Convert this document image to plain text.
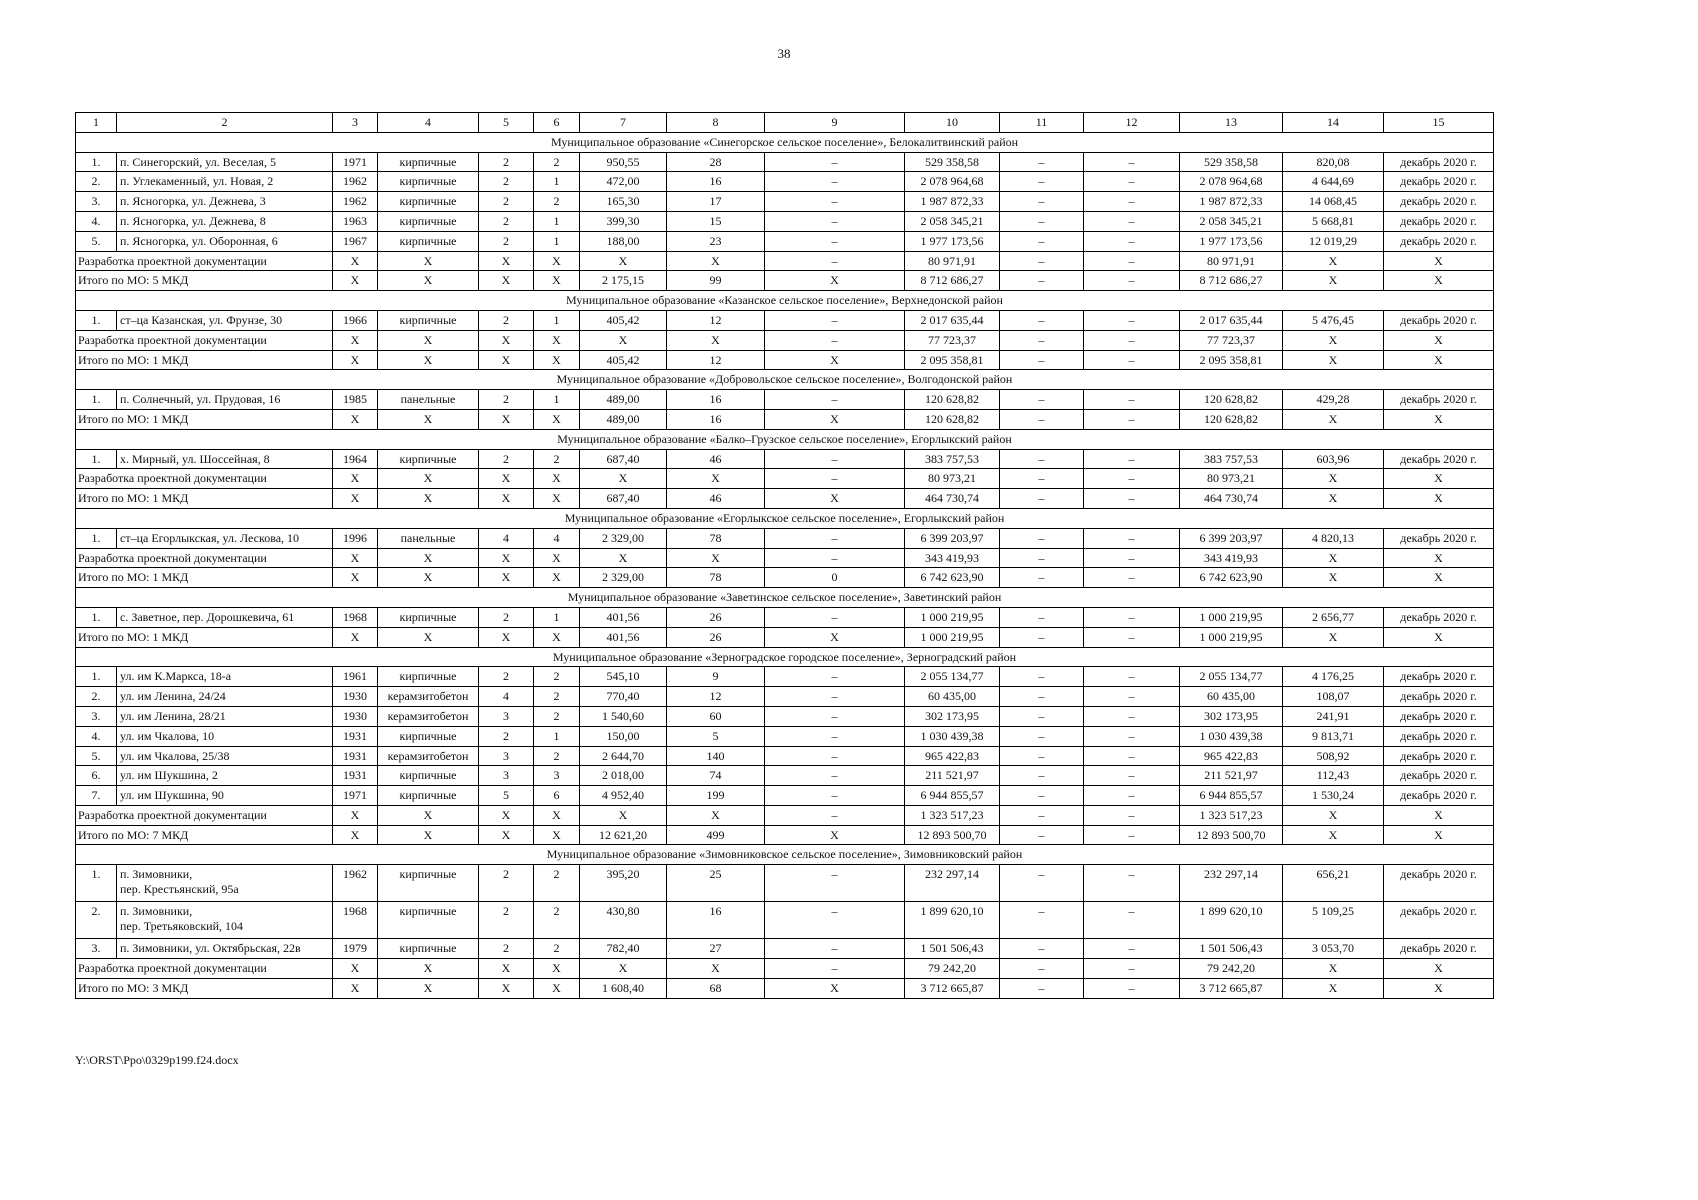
38
1	2	3	4	5	6	7	8	9	10	11	12	13	14	15
Муниципальное образование «Синегорское сельское поселение», Белокалитвинский район														
1.	п. Синегорский, ул. Веселая, 5	1971	кирпичные	2	2	950,55	28	–	529 358,58	–	–	529 358,58	820,08	декабрь 2020 г.
2.	п. Углекаменный, ул. Новая, 2	1962	кирпичные	2	1	472,00	16	–	2 078 964,68	–	–	2 078 964,68	4 644,69	декабрь 2020 г.
3.	п. Ясногорка, ул. Дежнева, 3	1962	кирпичные	2	2	165,30	17	–	1 987 872,33	–	–	1 987 872,33	14 068,45	декабрь 2020 г.
4.	п. Ясногорка, ул. Дежнева, 8	1963	кирпичные	2	1	399,30	15	–	2 058 345,21	–	–	2 058 345,21	5 668,81	декабрь 2020 г.
5.	п. Ясногорка, ул. Оборонная, 6	1967	кирпичные	2	1	188,00	23	–	1 977 173,56	–	–	1 977 173,56	12 019,29	декабрь 2020 г.
Разработка проектной документации		X	X	X	X	X	X	–	80 971,91	–	–	80 971,91	X	X
Итого по МО: 5 МКД		X	X	X	X	2 175,15	99	X	8 712 686,27	–	–	8 712 686,27	X	X
Муниципальное образование «Казанское сельское поселение», Верхнедонской район														
1.	ст–ца Казанская, ул. Фрунзе, 30	1966	кирпичные	2	1	405,42	12	–	2 017 635,44	–	–	2 017 635,44	5 476,45	декабрь 2020 г.
Разработка проектной документации		X	X	X	X	X	X	–	77 723,37	–	–	77 723,37	X	X
Итого по МО: 1 МКД		X	X	X	X	405,42	12	X	2 095 358,81	–	–	2 095 358,81	X	X
Муниципальное образование «Добровольское сельское поселение», Волгодонской район														
1.	п. Солнечный, ул. Прудовая, 16	1985	панельные	2	1	489,00	16	–	120 628,82	–	–	120 628,82	429,28	декабрь 2020 г.
Итого по МО: 1 МКД		X	X	X	X	489,00	16	X	120 628,82	–	–	120 628,82	X	X
Муниципальное образование «Балко–Грузское сельское поселение», Егорлыкский район														
1.	х. Мирный, ул. Шоссейная, 8	1964	кирпичные	2	2	687,40	46	–	383 757,53	–	–	383 757,53	603,96	декабрь 2020 г.
Разработка проектной документации		X	X	X	X	X	X	–	80 973,21	–	–	80 973,21	X	X
Итого по МО: 1 МКД		X	X	X	X	687,40	46	X	464 730,74	–	–	464 730,74	X	X
Муниципальное образование «Егорлыкское сельское поселение», Егорлыкский район														
1.	ст–ца Егорлыкская, ул. Лескова, 10	1996	панельные	4	4	2 329,00	78	–	6 399 203,97	–	–	6 399 203,97	4 820,13	декабрь 2020 г.
Разработка проектной документации		X	X	X	X	X	X	–	343 419,93	–	–	343 419,93	X	X
Итого по МО: 1 МКД		X	X	X	X	2 329,00	78	0	6 742 623,90	–	–	6 742 623,90	X	X
Муниципальное образование «Заветинское сельское поселение», Заветинский район														
1.	с. Заветное, пер. Дорошкевича, 61	1968	кирпичные	2	1	401,56	26	–	1 000 219,95	–	–	1 000 219,95	2 656,77	декабрь 2020 г.
Итого по МО: 1 МКД		X	X	X	X	401,56	26	X	1 000 219,95	–	–	1 000 219,95	X	X
Муниципальное образование «Зерноградское городское поселение», Зерноградский район														
1.	ул. им К.Маркса, 18-а	1961	кирпичные	2	2	545,10	9	–	2 055 134,77	–	–	2 055 134,77	4 176,25	декабрь 2020 г.
2.	ул. им Ленина, 24/24	1930	керамзитобетон	4	2	770,40	12	–	60 435,00	–	–	60 435,00	108,07	декабрь 2020 г.
3.	ул. им Ленина, 28/21	1930	керамзитобетон	3	2	1 540,60	60	–	302 173,95	–	–	302 173,95	241,91	декабрь 2020 г.
4.	ул. им Чкалова, 10	1931	кирпичные	2	1	150,00	5	–	1 030 439,38	–	–	1 030 439,38	9 813,71	декабрь 2020 г.
5.	ул. им Чкалова, 25/38	1931	керамзитобетон	3	2	2 644,70	140	–	965 422,83	–	–	965 422,83	508,92	декабрь 2020 г.
6.	ул. им Шукшина, 2	1931	кирпичные	3	3	2 018,00	74	–	211 521,97	–	–	211 521,97	112,43	декабрь 2020 г.
7.	ул. им Шукшина, 90	1971	кирпичные	5	6	4 952,40	199	–	6 944 855,57	–	–	6 944 855,57	1 530,24	декабрь 2020 г.
Разработка проектной документации		X	X	X	X	X	X	–	1 323 517,23	–	–	1 323 517,23	X	X
Итого по МО: 7 МКД		X	X	X	X	12 621,20	499	X	12 893 500,70	–	–	12 893 500,70	X	X
Муниципальное образование «Зимовниковское сельское поселение», Зимовниковский район														
1.	п. Зимовники,
пер. Крестьянский, 95а	1962	кирпичные	2	2	395,20	25	–	232 297,14	–	–	232 297,14	656,21	декабрь 2020 г.
2.	п. Зимовники,
пер. Третьяковский, 104	1968	кирпичные	2	2	430,80	16	–	1 899 620,10	–	–	1 899 620,10	5 109,25	декабрь 2020 г.
3.	п. Зимовники, ул. Октябрьская, 22в	1979	кирпичные	2	2	782,40	27	–	1 501 506,43	–	–	1 501 506,43	3 053,70	декабрь 2020 г.
Разработка проектной документации		X	X	X	X	X	X	–	79 242,20	–	–	79 242,20	X	X
Итого по МО: 3 МКД		X	X	X	X	1 608,40	68	X	3 712 665,87	–	–	3 712 665,87	X	X
Y:\ORST\Ppo\0329p199.f24.docx
